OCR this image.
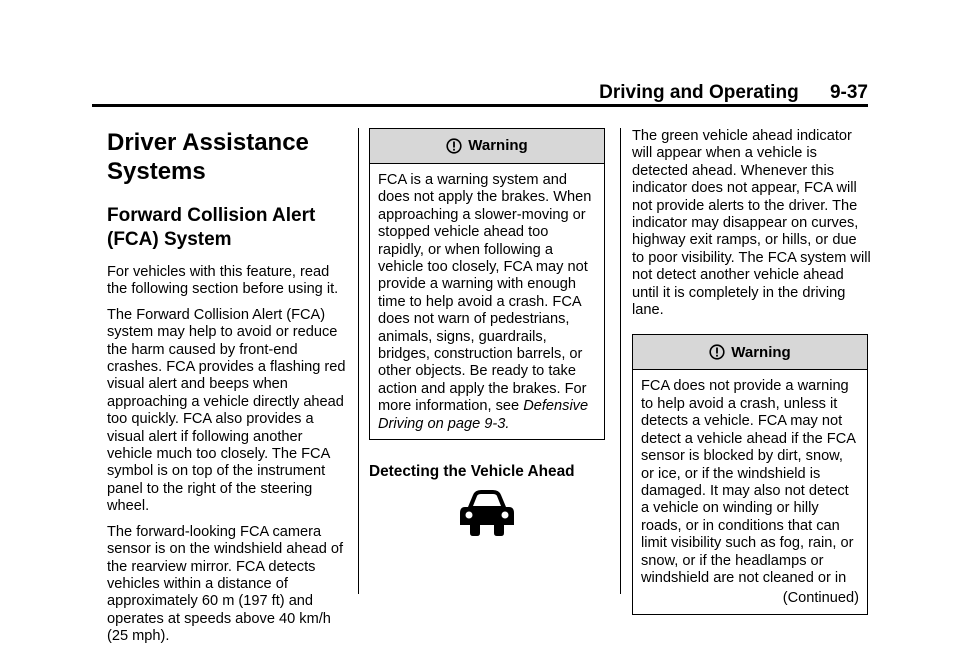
Driving and Operating 9-37
Driver Assistance Systems
Forward Collision Alert (FCA) System

For vehicles with this feature, read the following section before using it.

The Forward Collision Alert (FCA) system may help to avoid or reduce the harm caused by front-end crashes. FCA provides a flashing red visual alert and beeps when approaching a vehicle directly ahead too quickly. FCA also provides a visual alert if following another vehicle much too closely. The FCA symbol is on top of the instrument panel to the right of the steering wheel.

The forward-looking FCA camera sensor is on the windshield ahead of the rearview mirror. FCA detects vehicles within a distance of approximately 60 m (197 ft) and operates at speeds above 40 km/h (25 mph).

Warning
FCA is a warning system and does not apply the brakes. When approaching a slower-moving or stopped vehicle ahead too rapidly, or when following a vehicle too closely, FCA may not provide a warning with enough time to help avoid a crash. FCA does not warn of pedestrians, animals, signs, guardrails, bridges, construction barrels, or other objects. Be ready to take action and apply the brakes. For more information, see Defensive Driving on page 9-3.
Detecting the Vehicle Ahead

The green vehicle ahead indicator will appear when a vehicle is detected ahead. Whenever this indicator does not appear, FCA will not provide alerts to the driver. The indicator may disappear on curves, highway exit ramps, or hills, or due to poor visibility. The FCA system will not detect another vehicle ahead until it is completely in the driving lane.

Warning
FCA does not provide a warning to help avoid a crash, unless it detects a vehicle. FCA may not detect a vehicle ahead if the FCA sensor is blocked by dirt, snow, or ice, or if the windshield is damaged. It may also not detect a vehicle on winding or hilly roads, or in conditions that can limit visibility such as fog, rain, or snow, or if the headlamps or windshield are not cleaned or in
(Continued)
